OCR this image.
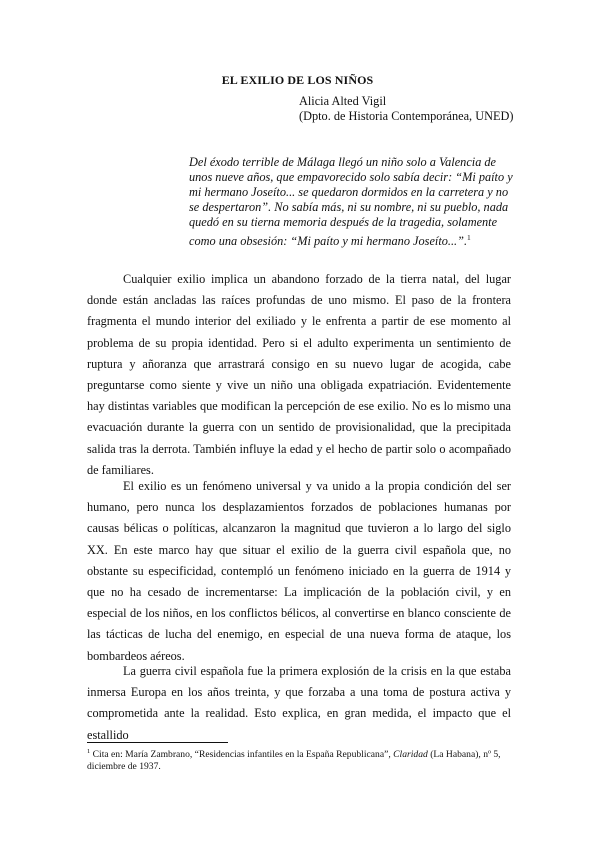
EL EXILIO DE LOS NIÑOS
Alicia Alted Vigil
(Dpto. de Historia Contemporánea, UNED)
Del éxodo terrible de Málaga llegó un niño solo a Valencia de unos nueve años, que empavorecido solo sabía decir: “Mi paíto y mi hermano Joseíto... se quedaron dormidos en la carretera y no se despertaron”. No sabía más, ni su nombre, ni su pueblo, nada quedó en su tierna memoria después de la tragedia, solamente como una obsesión: “Mi paíto y mi hermano Joseíto...”.$^1$
Cualquier exilio implica un abandono forzado de la tierra natal, del lugar donde están ancladas las raíces profundas de uno mismo. El paso de la frontera fragmenta el mundo interior del exiliado y le enfrenta a partir de ese momento al problema de su propia identidad. Pero si el adulto experimenta un sentimiento de ruptura y añoranza que arrastrará consigo en su nuevo lugar de acogida, cabe preguntarse como siente y vive un niño una obligada expatriación. Evidentemente hay distintas variables que modifican la percepción de ese exilio. No es lo mismo una evacuación durante la guerra con un sentido de provisionalidad, que la precipitada salida tras la derrota. También influye la edad y el hecho de partir solo o acompañado de familiares.
El exilio es un fenómeno universal y va unido a la propia condición del ser humano, pero nunca los desplazamientos forzados de poblaciones humanas por causas bélicas o políticas, alcanzaron la magnitud que tuvieron a lo largo del siglo XX. En este marco hay que situar el exilio de la guerra civil española que, no obstante su especificidad, contempló un fenómeno iniciado en la guerra de 1914 y que no ha cesado de incrementarse: La implicación de la población civil, y en especial de los niños, en los conflictos bélicos, al convertirse en blanco consciente de las tácticas de lucha del enemigo, en especial de una nueva forma de ataque, los bombardeos aéreos.
La guerra civil española fue la primera explosión de la crisis en la que estaba inmersa Europa en los años treinta, y que forzaba a una toma de postura activa y comprometida ante la realidad. Esto explica, en gran medida, el impacto que el estallido
$^1$ Cita en: María Zambrano, “Residencias infantiles en la España Republicana”, Claridad (La Habana), nº 5, diciembre de 1937.
